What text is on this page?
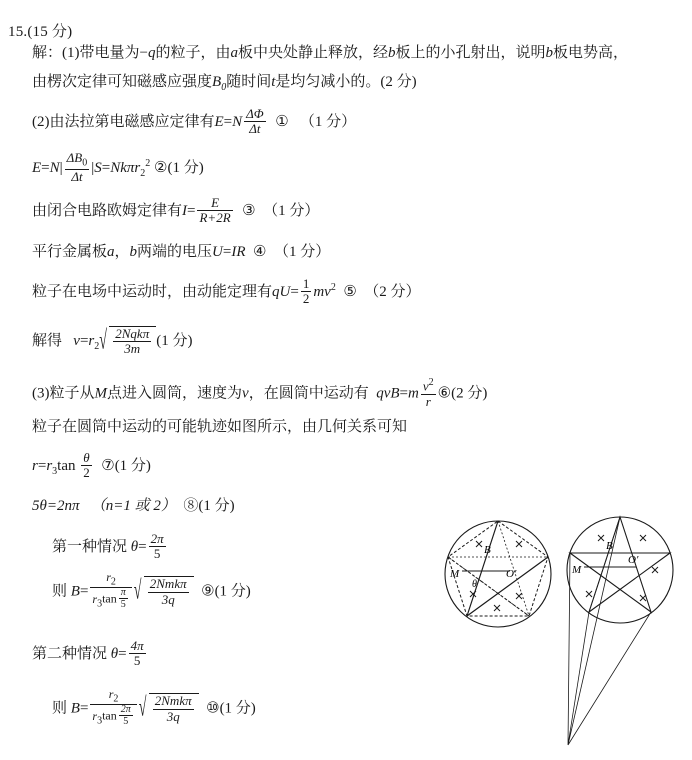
15.(15 分)
解：(1)带电量为−q的粒子，由a板中央处静止释放，经b板上的小孔射出，说明b板电势高，
由楞次定律可知磁感应强度$B_0$随时间t是均匀减小的。(2 分)
(2)由法拉第电磁感应定律有$E=N \frac{\Delta\Phi}{\Delta t}$ ① （1 分）
$E=N| \frac{\Delta B_0}{\Delta t} |S=Nk\pi r_2^2$ ②(1 分)
由闭合电路欧姆定律有$I= \frac{E}{R+2R}$ ③ （1 分）
平行金属板a，b两端的电压U=IR ④ （1 分）
粒子在电场中运动时，由动能定理有$qU= \frac{1}{2} mv^2$ ⑤ （2 分）
解得 $v=r_2$ √ $\frac{\text{2Nqkπ}}{3m} (1$ 分)
(3)粒子从M点进入圆筒，速度为v，在圆筒中运动有 $qvB=m \frac{v^2}{r}$ ⑥(2 分)
粒子在圆筒中运动的可能轨迹如图所示，由几何关系可知
$r=r_3\tan \frac{\theta}{2}$ ⑦(1 分)
5θ=2nπ （n=1 或 2） ⑧(1 分)
第一种情况 $\theta= \frac{2\pi}{5}$
则 $B= \frac{r_2}{r_3\tan \frac{\pi}{5}}$ √ $\frac{\text{2Nmkπ}}{3q}$ ⑨(1 分)
第二种情况 $\theta= \frac{4\pi}{5}$
则 $B= \frac{r_2}{r_3\tan \frac{2\pi}{5}}$ √ $\frac{\text{2Nmkπ}}{3q}$ ⑩(1 分)
B
M
θ
O′
B
M
O′
